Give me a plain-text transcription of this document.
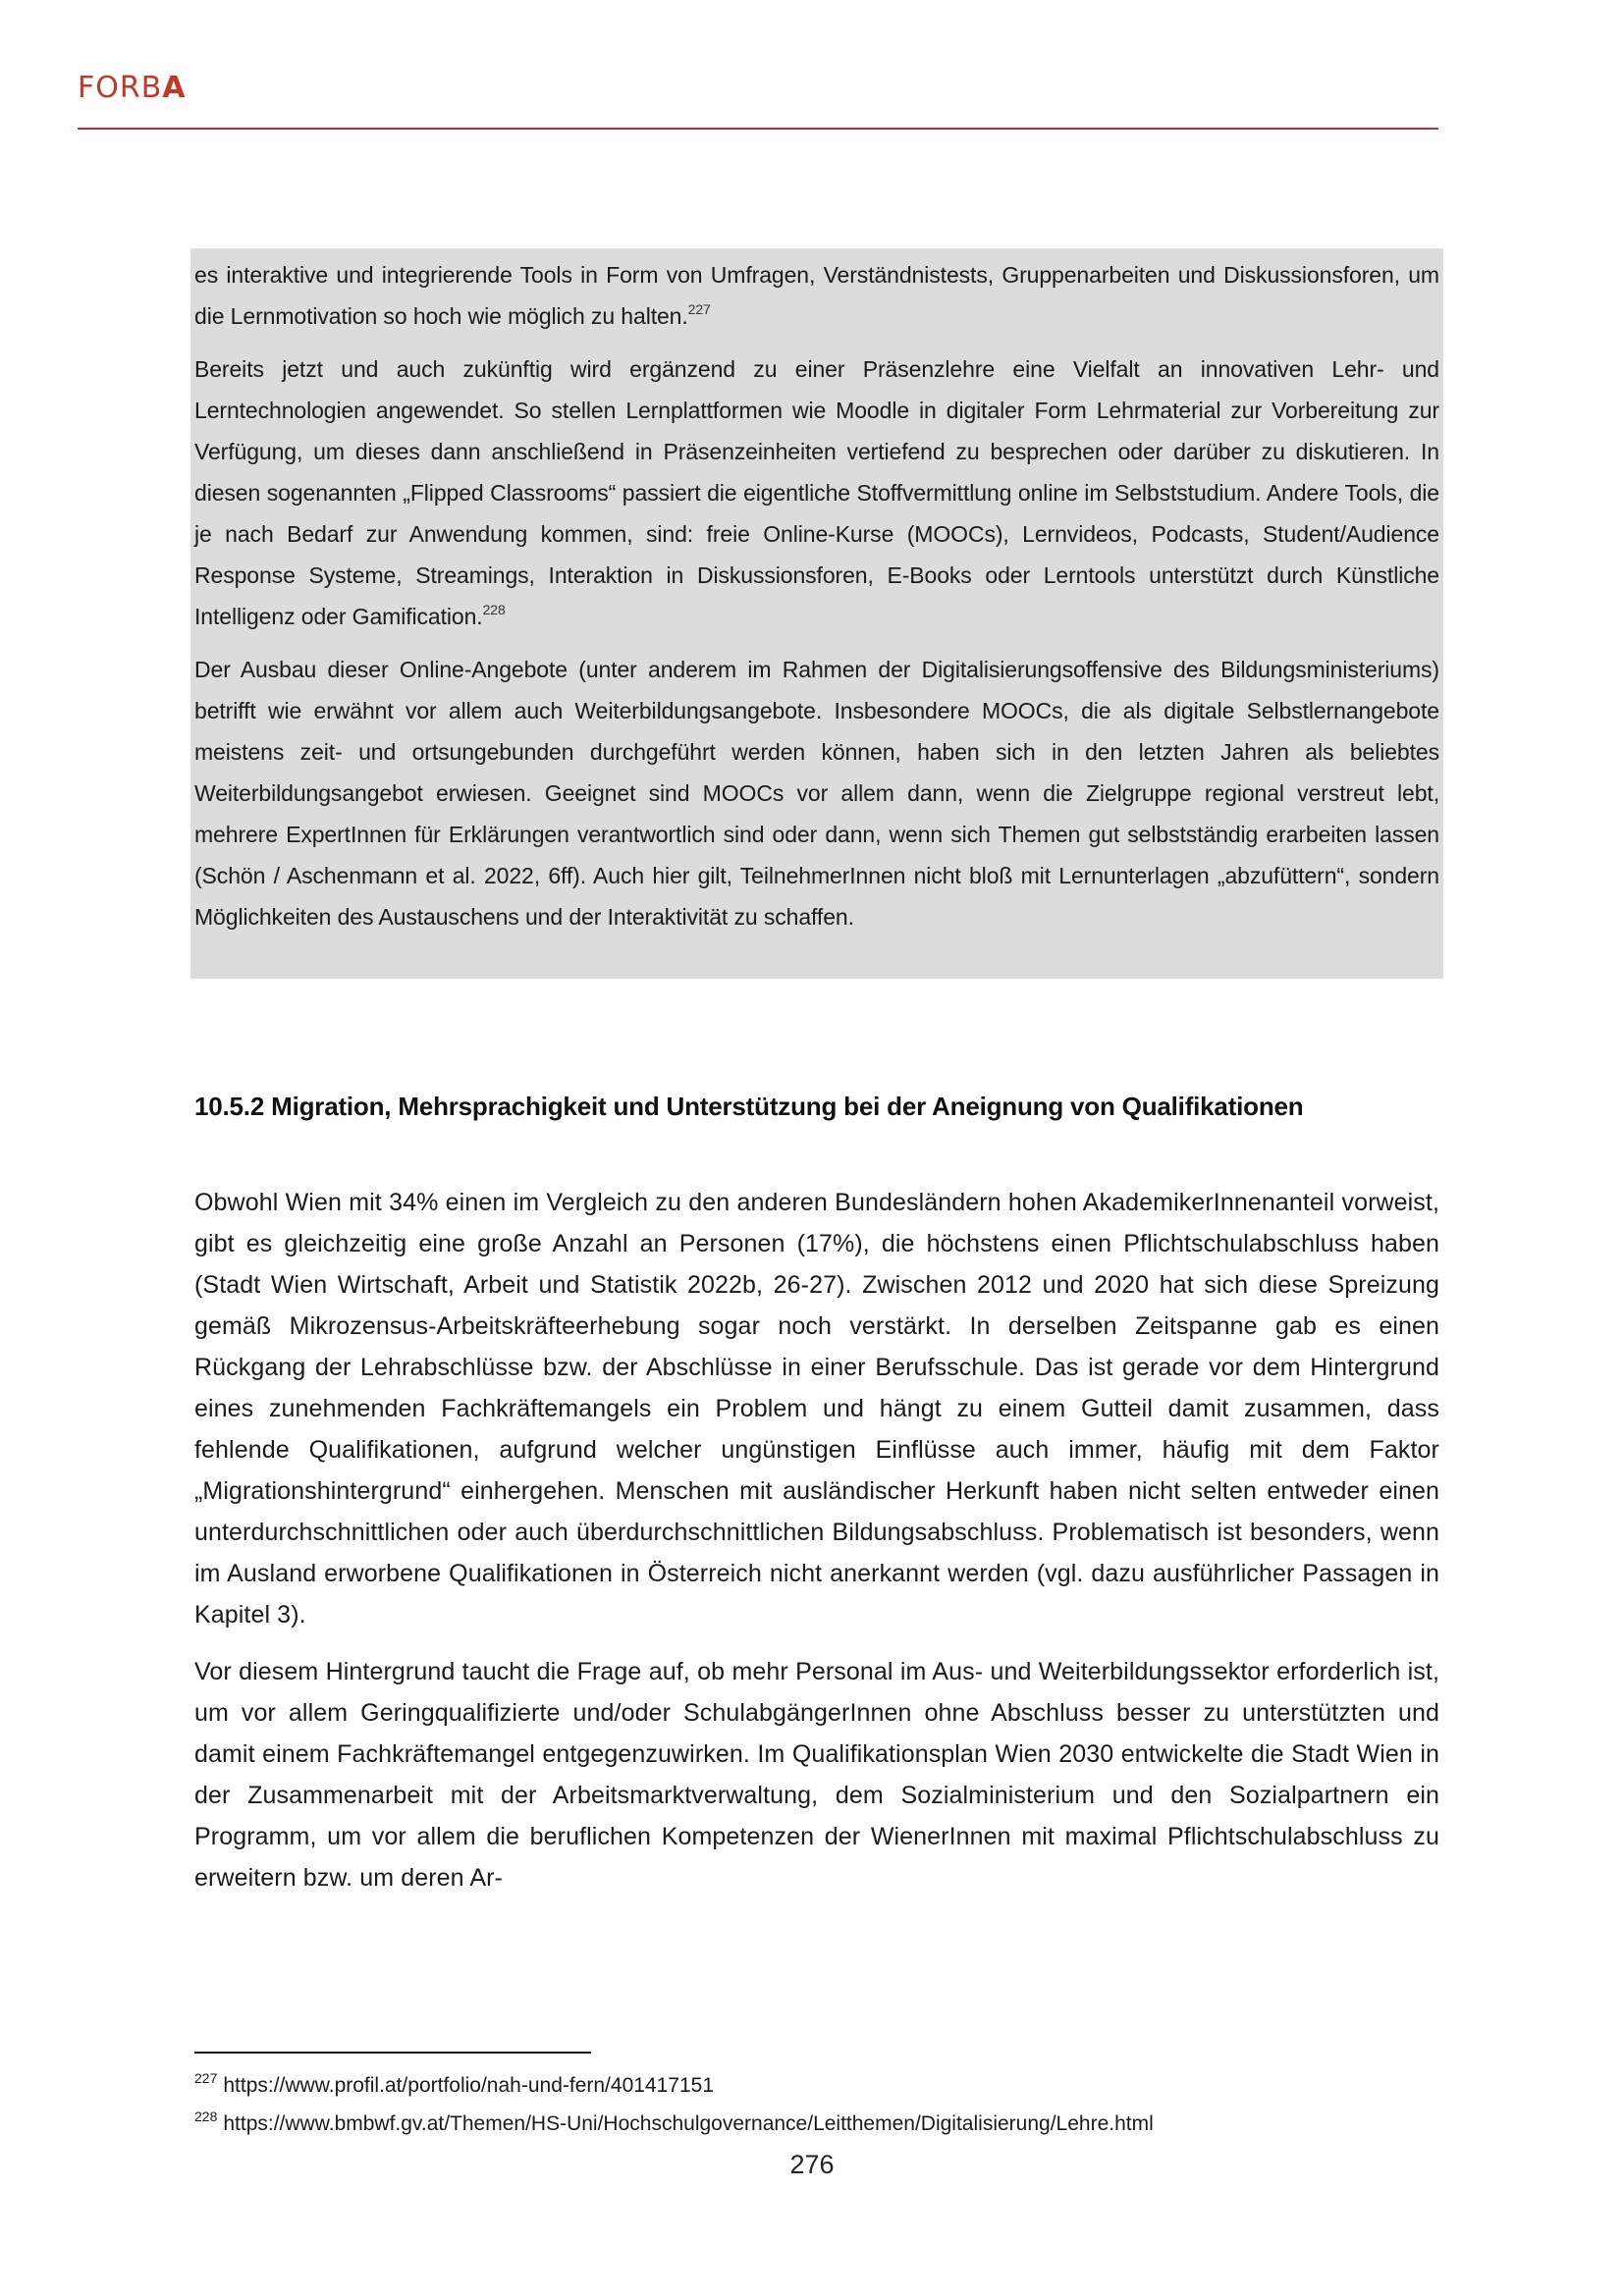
FORBA

es interaktive und integrierende Tools in Form von Umfragen, Verständnistests, Gruppenarbeiten und Diskussionsforen, um die Lernmotivation so hoch wie möglich zu halten.$^{227}$

Bereits jetzt und auch zukünftig wird ergänzend zu einer Präsenzlehre eine Vielfalt an innovativen Lehr- und Lerntechnologien angewendet. So stellen Lernplattformen wie Moodle in digitaler Form Lehrmaterial zur Vorbereitung zur Verfügung, um dieses dann anschließend in Präsenzeinheiten vertiefend zu besprechen oder darüber zu diskutieren. In diesen sogenannten „Flipped Classrooms“ passiert die eigentliche Stoffvermittlung online im Selbststudium. Andere Tools, die je nach Bedarf zur Anwendung kommen, sind: freie Online-Kurse (MOOCs), Lernvideos, Podcasts, Student/Audience Response Systeme, Streamings, Interaktion in Diskussionsforen, E-Books oder Lerntools unterstützt durch Künstliche Intelligenz oder Gamification.$^{228}$

Der Ausbau dieser Online-Angebote (unter anderem im Rahmen der Digitalisierungsoffensive des Bildungsministeriums) betrifft wie erwähnt vor allem auch Weiterbildungsangebote. Insbesondere MOOCs, die als digitale Selbstlernangebote meistens zeit- und ortsungebunden durchgeführt werden können, haben sich in den letzten Jahren als beliebtes Weiterbildungsangebot erwiesen. Geeignet sind MOOCs vor allem dann, wenn die Zielgruppe regional verstreut lebt, mehrere ExpertInnen für Erklärungen verantwortlich sind oder dann, wenn sich Themen gut selbstständig erarbeiten lassen (Schön / Aschenmann et al. 2022, 6ff). Auch hier gilt, TeilnehmerInnen nicht bloß mit Lernunterlagen „abzufüttern“, sondern Möglichkeiten des Austauschens und der Interaktivität zu schaffen.

10.5.2 Migration, Mehrsprachigkeit und Unterstützung bei der Aneignung von Qualifikationen

Obwohl Wien mit 34% einen im Vergleich zu den anderen Bundesländern hohen AkademikerInnenanteil vorweist, gibt es gleichzeitig eine große Anzahl an Personen (17%), die höchstens einen Pflichtschulabschluss haben (Stadt Wien Wirtschaft, Arbeit und Statistik 2022b, 26-27). Zwischen 2012 und 2020 hat sich diese Spreizung gemäß Mikrozensus-Arbeitskräfteerhebung sogar noch verstärkt. In derselben Zeitspanne gab es einen Rückgang der Lehrabschlüsse bzw. der Abschlüsse in einer Berufsschule. Das ist gerade vor dem Hintergrund eines zunehmenden Fachkräftemangels ein Problem und hängt zu einem Gutteil damit zusammen, dass fehlende Qualifikationen, aufgrund welcher ungünstigen Einflüsse auch immer, häufig mit dem Faktor „Migrationshintergrund“ einhergehen. Menschen mit ausländischer Herkunft haben nicht selten entweder einen unterdurchschnittlichen oder auch überdurchschnittlichen Bildungsabschluss. Problematisch ist besonders, wenn im Ausland erworbene Qualifikationen in Österreich nicht anerkannt werden (vgl. dazu ausführlicher Passagen in Kapitel 3).

Vor diesem Hintergrund taucht die Frage auf, ob mehr Personal im Aus- und Weiterbildungssektor erforderlich ist, um vor allem Geringqualifizierte und/oder SchulabgängerInnen ohne Abschluss besser zu unterstützten und damit einem Fachkräftemangel entgegenzuwirken. Im Qualifikationsplan Wien 2030 entwickelte die Stadt Wien in der Zusammenarbeit mit der Arbeitsmarktverwaltung, dem Sozialministerium und den Sozialpartnern ein Programm, um vor allem die beruflichen Kompetenzen der WienerInnen mit maximal Pflichtschulabschluss zu erweitern bzw. um deren Ar-

$^{227}$ https://www.profil.at/portfolio/nah-und-fern/401417151

$^{228}$ https://www.bmbwf.gv.at/Themen/HS-Uni/Hochschulgovernance/Leitthemen/Digitalisierung/Lehre.html

276
